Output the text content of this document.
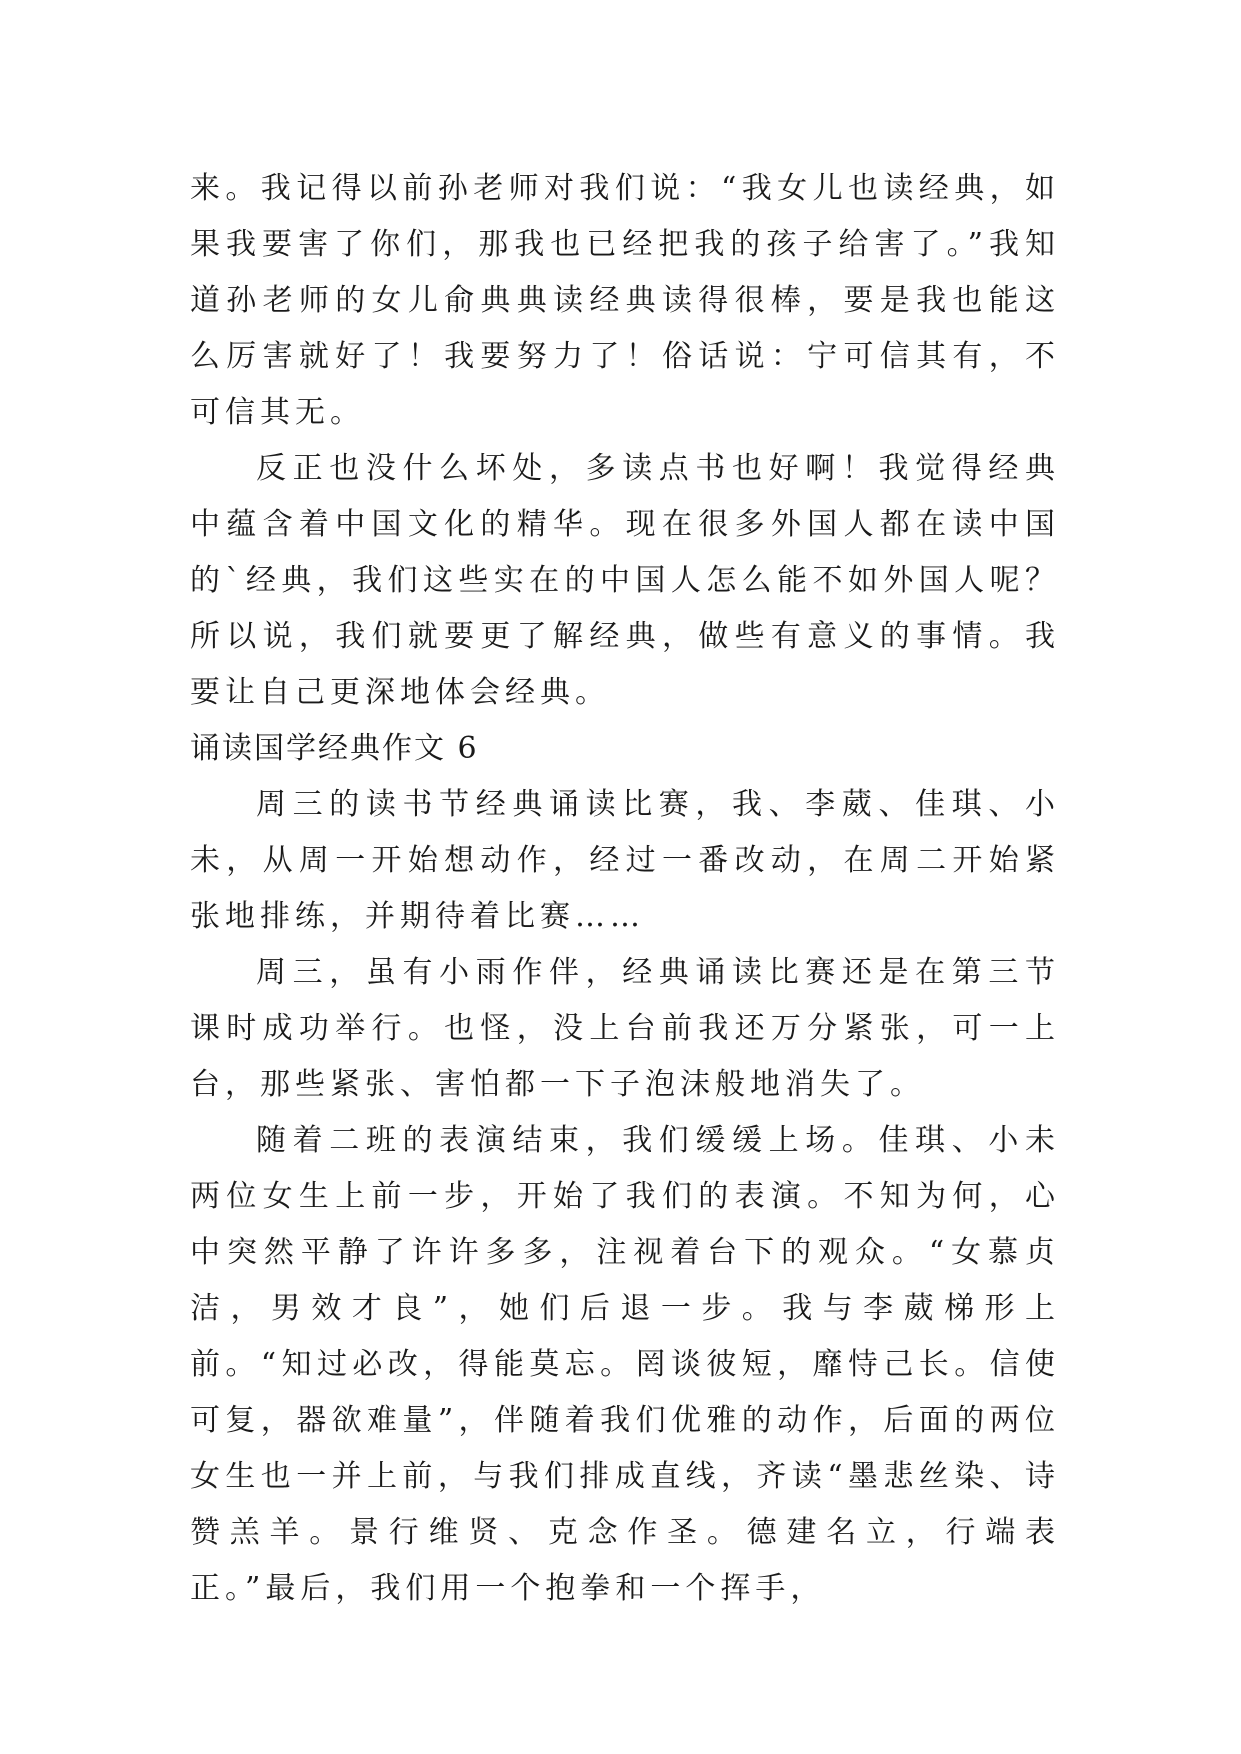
来。我记得以前孙老师对我们说：“我女儿也读经典，如果我要害了你们，那我也已经把我的孩子给害了。”我知道孙老师的女儿俞典典读经典读得很棒，要是我也能这么厉害就好了！我要努力了！俗话说：宁可信其有，不可信其无。

反正也没什么坏处，多读点书也好啊！我觉得经典中蕴含着中国文化的精华。现在很多外国人都在读中国的`经典，我们这些实在的中国人怎么能不如外国人呢？所以说，我们就要更了解经典，做些有意义的事情。我要让自己更深地体会经典。

诵读国学经典作文 6

周三的读书节经典诵读比赛，我、李葳、佳琪、小未，从周一开始想动作，经过一番改动，在周二开始紧张地排练，并期待着比赛……

周三，虽有小雨作伴，经典诵读比赛还是在第三节课时成功举行。也怪，没上台前我还万分紧张，可一上台，那些紧张、害怕都一下子泡沫般地消失了。

随着二班的表演结束，我们缓缓上场。佳琪、小未两位女生上前一步，开始了我们的表演。不知为何，心中突然平静了许许多多，注视着台下的观众。“女慕贞洁，男效才良”，她们后退一步。我与李葳梯形上前。“知过必改，得能莫忘。罔谈彼短，靡恃己长。信使可复，器欲难量”，伴随着我们优雅的动作，后面的两位女生也一并上前，与我们排成直线，齐读“墨悲丝染、诗赞羔羊。景行维贤、克念作圣。德建名立，行端表正。”最后，我们用一个抱拳和一个挥手，
